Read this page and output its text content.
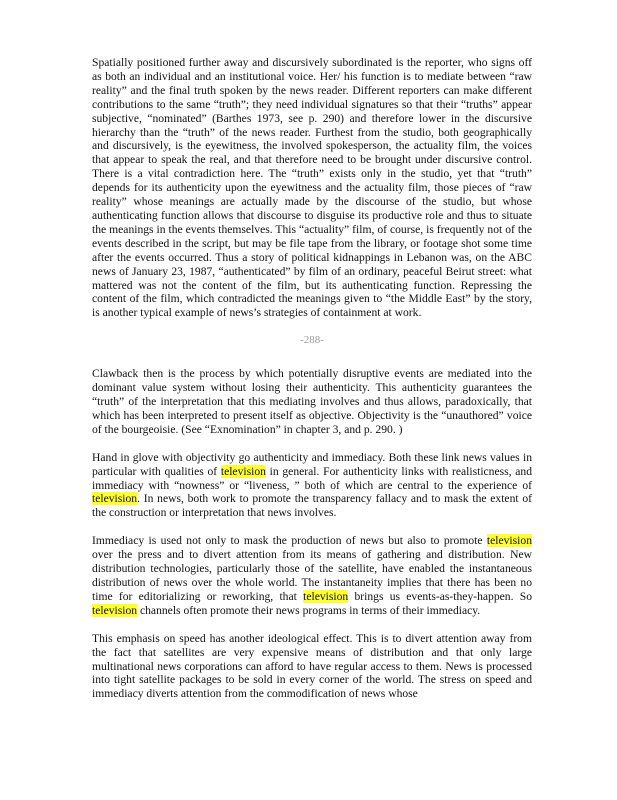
Spatially positioned further away and discursively subordinated is the reporter, who signs off as both an individual and an institutional voice. Her/ his function is to mediate between “raw reality” and the final truth spoken by the news reader. Different reporters can make different contributions to the same “truth”; they need individual signatures so that their “truths” appear subjective, “nominated” (Barthes 1973, see p. 290) and therefore lower in the discursive hierarchy than the “truth” of the news reader. Furthest from the studio, both geographically and discursively, is the eyewitness, the involved spokesperson, the actuality film, the voices that appear to speak the real, and that therefore need to be brought under discursive control. There is a vital contradiction here. The “truth” exists only in the studio, yet that “truth” depends for its authenticity upon the eyewitness and the actuality film, those pieces of “raw reality” whose meanings are actually made by the discourse of the studio, but whose authenticating function allows that discourse to disguise its productive role and thus to situate the meanings in the events themselves. This “actuality” film, of course, is frequently not of the events described in the script, but may be file tape from the library, or footage shot some time after the events occurred. Thus a story of political kidnappings in Lebanon was, on the ABC news of January 23, 1987, “authenticated” by film of an ordinary, peaceful Beirut street: what mattered was not the content of the film, but its authenticating function. Repressing the content of the film, which contradicted the meanings given to “the Middle East” by the story, is another typical example of news’s strategies of containment at work.

-288-

Clawback then is the process by which potentially disruptive events are mediated into the dominant value system without losing their authenticity. This authenticity guarantees the “truth” of the interpretation that this mediating involves and thus allows, paradoxically, that which has been interpreted to present itself as objective. Objectivity is the “unauthored” voice of the bourgeoisie. (See “Exnomination” in chapter 3, and p. 290. )

Hand in glove with objectivity go authenticity and immediacy. Both these link news values in particular with qualities of television in general. For authenticity links with realisticness, and immediacy with “nowness” or “liveness, ” both of which are central to the experience of television. In news, both work to promote the transparency fallacy and to mask the extent of the construction or interpretation that news involves.

Immediacy is used not only to mask the production of news but also to promote television over the press and to divert attention from its means of gathering and distribution. New distribution technologies, particularly those of the satellite, have enabled the instantaneous distribution of news over the whole world. The instantaneity implies that there has been no time for editorializing or reworking, that television brings us events-as-they-happen. So television channels often promote their news programs in terms of their immediacy.

This emphasis on speed has another ideological effect. This is to divert attention away from the fact that satellites are very expensive means of distribution and that only large multinational news corporations can afford to have regular access to them. News is processed into tight satellite packages to be sold in every corner of the world. The stress on speed and immediacy diverts attention from the commodification of news whose
